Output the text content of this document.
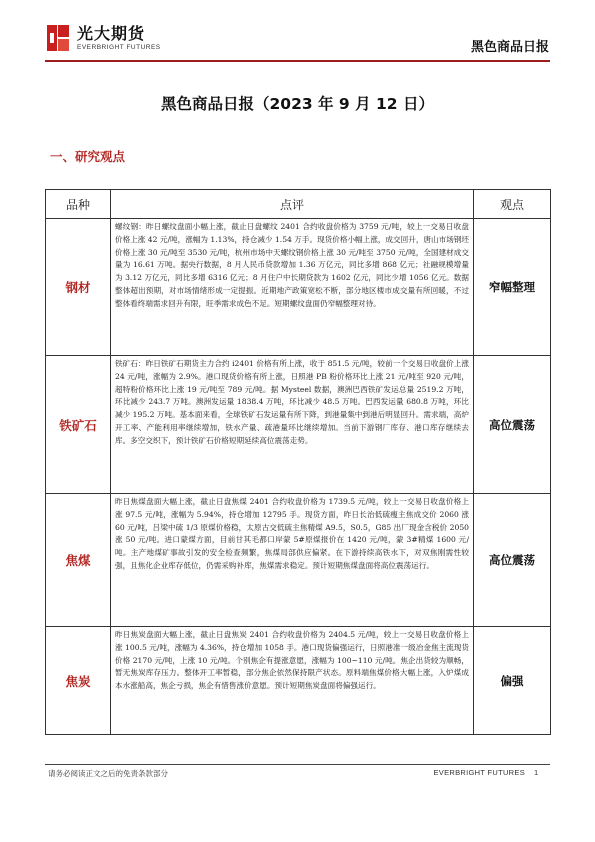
光大期货
EVERBRIGHT FUTURES	黑色商品日报
黑色商品日报（2023 年 9 月 12 日）
一、研究观点
品种	点评	观点
钢材	螺纹钢：昨日螺纹盘面小幅上涨，截止日盘螺纹 2401 合约收盘价格为 3759 元/吨，较上一交易日收盘价格上涨 42 元/吨，涨幅为 1.13%，持仓减少 1.54 万手。现货价格小幅上涨，成交回升，唐山市场钢坯价格上涨 30 元/吨至 3530 元/吨，杭州市场中天螺纹钢价格上涨 30 元/吨至 3750 元/吨，全国建材成交量为 16.61 万吨。据央行数据，8 月人民币贷款增加 1.36 万亿元，同比多增 868 亿元；社融规模增量为 3.12 万亿元，同比多增 6316 亿元；8 月住户中长期贷款为 1602 亿元，同比少增 1056 亿元。数据整体超出预期，对市场情绪形成一定提振。近期地产政策宽松不断，部分地区楼市成交量有所回暖，不过整体看终端需求回升有限，旺季需求成色不足。短期螺纹盘面仍窄幅整理对待。	窄幅整理
铁矿石	铁矿石：昨日铁矿石期货主力合约 i2401 价格有所上涨，收于 851.5 元/吨，较前一个交易日收盘价上涨 24 元/吨，涨幅为 2.9%。港口现货价格有所上涨，日照港 PB 粉价格环比上涨 21 元/吨至 920 元/吨，超特粉价格环比上涨 19 元/吨至 789 元/吨。据 Mysteel 数据，澳洲巴西铁矿发运总量 2519.2 万吨，环比减少 243.7 万吨。澳洲发运量 1838.4 万吨，环比减少 48.5 万吨。巴西发运量 680.8 万吨，环比减少 195.2 万吨。基本面来看，全球铁矿石发运量有所下降，到港量集中到港后明显回升。需求端，高炉开工率、产能利用率继续增加，铁水产量、疏港量环比继续增加。当前下游钢厂库存、港口库存继续去库。多空交织下，预计铁矿石价格短期延续高位震荡走势。	高位震荡
焦煤	昨日焦煤盘面大幅上涨，截止日盘焦煤 2401 合约收盘价格为 1739.5 元/吨，较上一交易日收盘价格上涨 97.5 元/吨，涨幅为 5.94%，持仓增加 12795 手。现货方面，昨日长治低硫瘦主焦成交价 2060 涨 60 元/吨，吕梁中硫 1/3 原煤价格稳，太原古交低硫主焦精煤 A9.5，S0.5，G85 出厂现金含税价 2050 涨 50 元/吨。进口蒙煤方面，目前甘其毛都口岸蒙 5#原煤报价在 1420 元/吨，蒙 3#精煤 1600 元/吨。主产地煤矿事故引发的安全检查频繁，焦煤局部供应偏紧。在下游持续高铁水下，对双焦刚需性较强，且焦化企业库存低位，仍需采购补库，焦煤需求稳定。预计短期焦煤盘面将高位震荡运行。	高位震荡
焦炭	昨日焦炭盘面大幅上涨，截止日盘焦炭 2401 合约收盘价格为 2404.5 元/吨，较上一交易日收盘价格上涨 100.5 元/吨，涨幅为 4.36%，持仓增加 1058 手。港口现货偏强运行，日照港准一级冶金焦主流现货价格 2170 元/吨，上涨 10 元/吨。个别焦企有提涨意愿，涨幅为 100~110 元/吨。焦企出货较为顺畅，暂无焦炭库存压力。整体开工率暂稳，部分焦企依然保持限产状态。原料端焦煤价格大幅上涨，入炉煤成本水涨船高，焦企亏损，焦企有惜售涨价意愿。预计短期焦炭盘面将偏强运行。	偏强
请务必阅读正文之后的免责条款部分	EVERBRIGHT FUTURES 1
